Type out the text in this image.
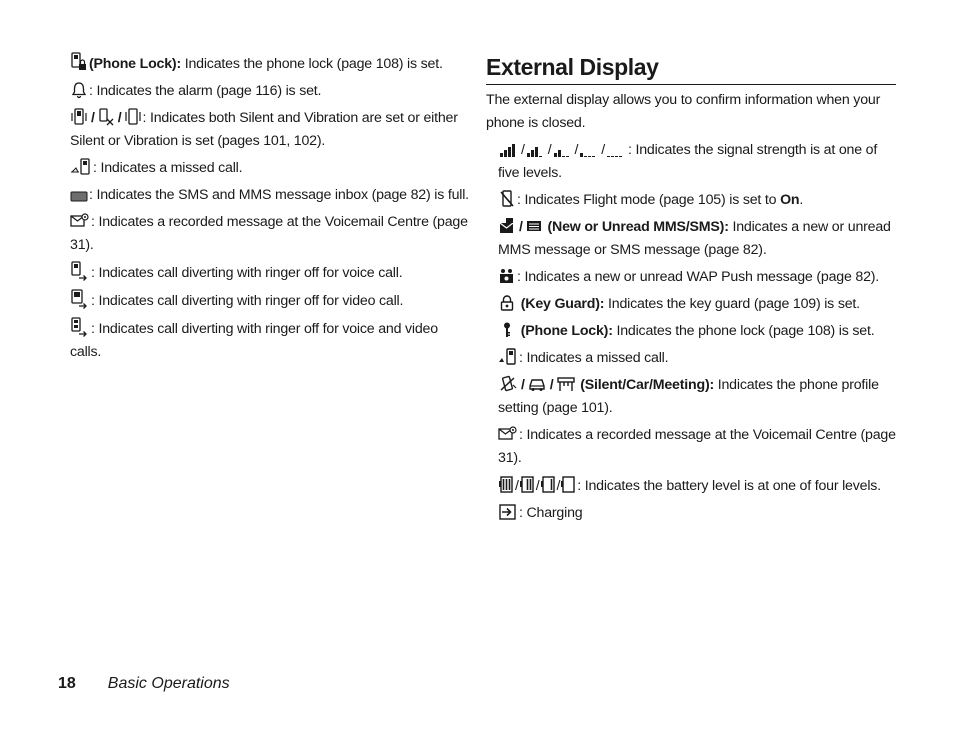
(Phone Lock): Indicates the phone lock (page 108) is set.

: Indicates the alarm (page 116) is set.

/ / : Indicates both Silent and Vibration are set or either Silent or Vibration is set (pages 101, 102).

: Indicates a missed call.

: Indicates the SMS and MMS message inbox (page 82) is full.

: Indicates a recorded message at the Voicemail Centre (page 31).

: Indicates call diverting with ringer off for voice call.

: Indicates call diverting with ringer off for video call.

: Indicates call diverting with ringer off for voice and video calls.

External Display

The external display allows you to confirm information when your phone is closed.

/ / / / : Indicates the signal strength is at one of five levels.

: Indicates Flight mode (page 105) is set to On.

/ (New or Unread MMS/SMS): Indicates a new or unread MMS message or SMS message (page 82).

: Indicates a new or unread WAP Push message (page 82).

(Key Guard): Indicates the key guard (page 109) is set.

(Phone Lock): Indicates the phone lock (page 108) is set.

: Indicates a missed call.

/ / (Silent/Car/Meeting): Indicates the phone profile setting (page 101).

: Indicates a recorded message at the Voicemail Centre (page 31).

/ / / : Indicates the battery level is at one of four levels.

: Charging

18 Basic Operations
